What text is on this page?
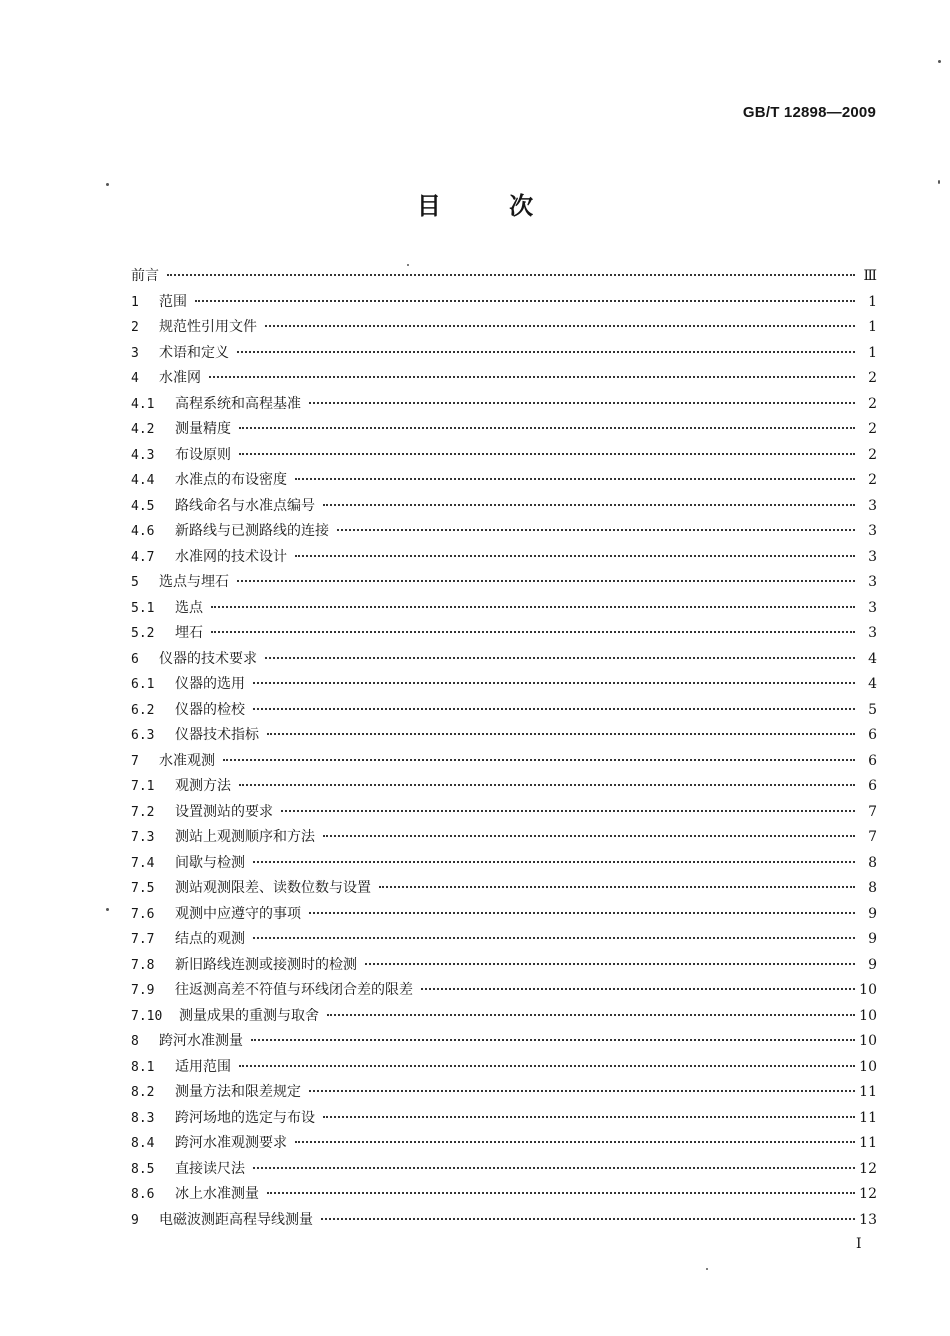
GB/T 12898—2009
目	次
前言	Ⅲ
1	范围	1
2	规范性引用文件	1
3	术语和定义	1
4	水准网	2
4.1	高程系统和高程基准	2
4.2	测量精度	2
4.3	布设原则	2
4.4	水准点的布设密度	2
4.5	路线命名与水准点编号	3
4.6	新路线与已测路线的连接	3
4.7	水准网的技术设计	3
5	选点与埋石	3
5.1	选点	3
5.2	埋石	3
6	仪器的技术要求	4
6.1	仪器的选用	4
6.2	仪器的检校	5
6.3	仪器技术指标	6
7	水准观测	6
7.1	观测方法	6
7.2	设置测站的要求	7
7.3	测站上观测顺序和方法	7
7.4	间歇与检测	8
7.5	测站观测限差、读数位数与设置	8
7.6	观测中应遵守的事项	9
7.7	结点的观测	9
7.8	新旧路线连测或接测时的检测	9
7.9	往返测高差不符值与环线闭合差的限差	10
7.10	测量成果的重测与取舍	10
8	跨河水准测量	10
8.1	适用范围	10
8.2	测量方法和限差规定	11
8.3	跨河场地的选定与布设	11
8.4	跨河水准观测要求	11
8.5	直接读尺法	12
8.6	冰上水准测量	12
9	电磁波测距高程导线测量	13
I
